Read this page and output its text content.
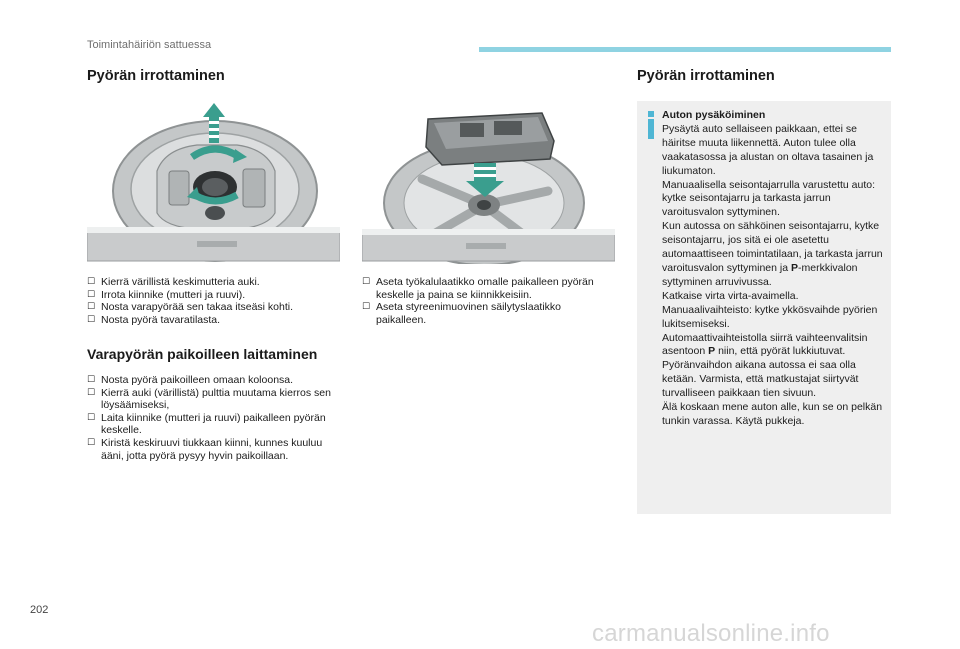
Toimintahäiriön sattuessa
Pyörän irrottaminen
☐ Kierrä värillistä keskimutteria auki.
☐ Irrota kiinnike (mutteri ja ruuvi).
☐ Nosta varapyörää sen takaa itseäsi kohti.
☐ Nosta pyörä tavaratilasta.
Varapyörän paikoilleen laittaminen
☐ Nosta pyörä paikoilleen omaan koloonsa.
☐ Kierrä auki (värillistä) pulttia muutama kierros sen löysäämiseksi,
☐ Laita kiinnike (mutteri ja ruuvi) paikalleen pyörän keskelle.
☐ Kiristä keskiruuvi tiukkaan kiinni, kunnes kuuluu ääni, jotta pyörä pysyy hyvin paikoillaan.
☐ Aseta työkalulaatikko omalle paikalleen pyörän keskelle ja paina se kiinnikkeisiin.
☐ Aseta styreenimuovinen säilytyslaatikko paikalleen.
Pyörän irrottaminen
Auton pysäköiminen

Pysäytä auto sellaiseen paikkaan, ettei se häiritse muuta liikennettä. Auton tulee olla vaakatasossa ja alustan on oltava tasainen ja liukumaton.

Manuaalisella seisontajarrulla varustettu auto: kytke seisontajarru ja tarkasta jarrun varoitusvalon syttyminen.

Kun autossa on sähköinen seisontajarru, kytke seisontajarru, jos sitä ei ole asetettu automaattiseen toimintatilaan, ja tarkasta jarrun varoitusvalon syttyminen ja P-merkkivalon syttyminen arruvivussa.

Katkaise virta virta-avaimella.

Manuaalivaihteisto: kytke ykkösvaihde pyörien lukitsemiseksi.

Automaattivaihteistolla siirrä vaihteenvalitsin asentoon P niin, että pyörät lukkiutuvat.

Pyöränvaihdon aikana autossa ei saa olla ketään. Varmista, että matkustajat siirtyvät turvalliseen paikkaan tien sivuun.

Älä koskaan mene auton alle, kun se on pelkän tunkin varassa. Käytä pukkeja.

202
carmanualsonline.info
